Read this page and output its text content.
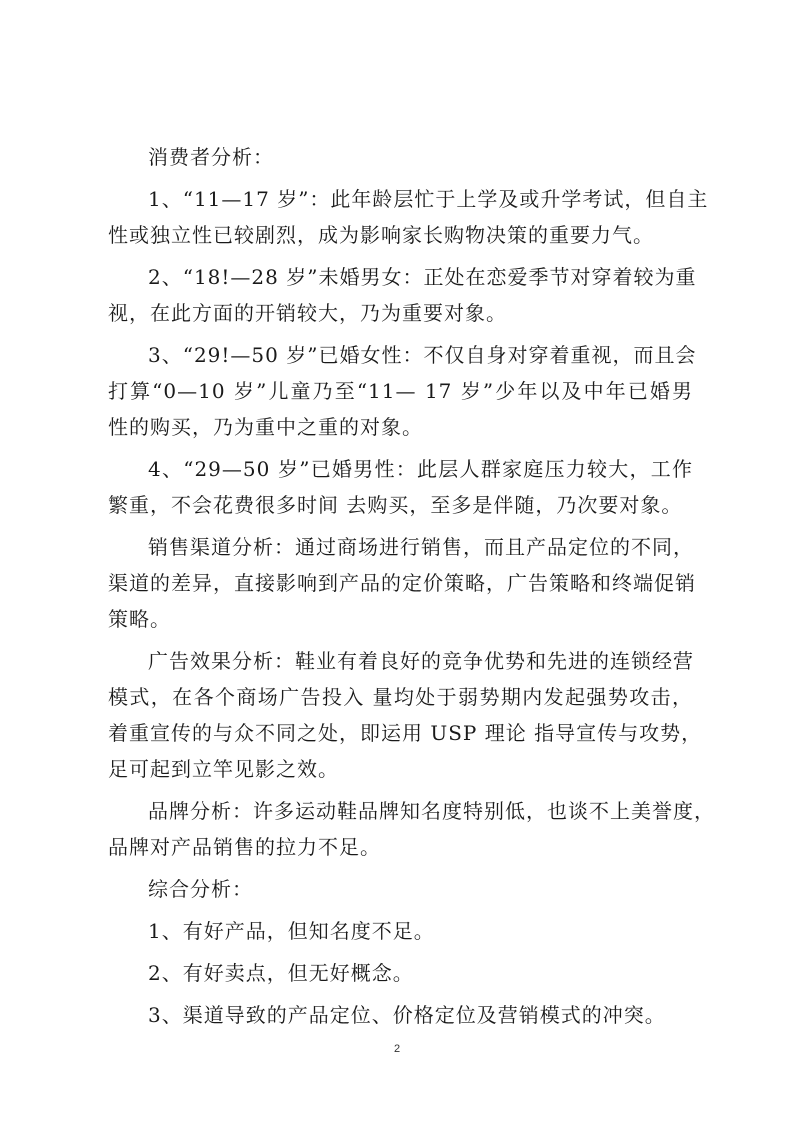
消费者分析：

1、“11—17 岁”：此年龄层忙于上学及或升学考试，但自主
性或独立性已较剧烈，成为影响家长购物决策的重要力气。

2、“18!—28 岁”未婚男女：正处在恋爱季节对穿着较为重
视，在此方面的开销较大，乃为重要对象。

3、“29!—50 岁”已婚女性：不仅自身对穿着重视，而且会
打算“0—10 岁”儿童乃至“11— 17 岁”少年以及中年已婚男
性的购买，乃为重中之重的对象。

4、“29—50 岁”已婚男性：此层人群家庭压力较大，工作
繁重，不会花费很多时间 去购买，至多是伴随，乃次要对象。

销售渠道分析：通过商场进行销售，而且产品定位的不同，
渠道的差异，直接影响到产品的定价策略，广告策略和终端促销
策略。

广告效果分析：鞋业有着良好的竞争优势和先进的连锁经营
模式，在各个商场广告投入 量均处于弱势期内发起强势攻击，
着重宣传的与众不同之处，即运用 USP 理论 指导宣传与攻势，
足可起到立竿见影之效。

品牌分析：许多运动鞋品牌知名度特别低，也谈不上美誉度，
品牌对产品销售的拉力不足。

综合分析：

1、有好产品，但知名度不足。

2、有好卖点，但无好概念。

3、渠道导致的产品定位、价格定位及营销模式的冲突。

2
